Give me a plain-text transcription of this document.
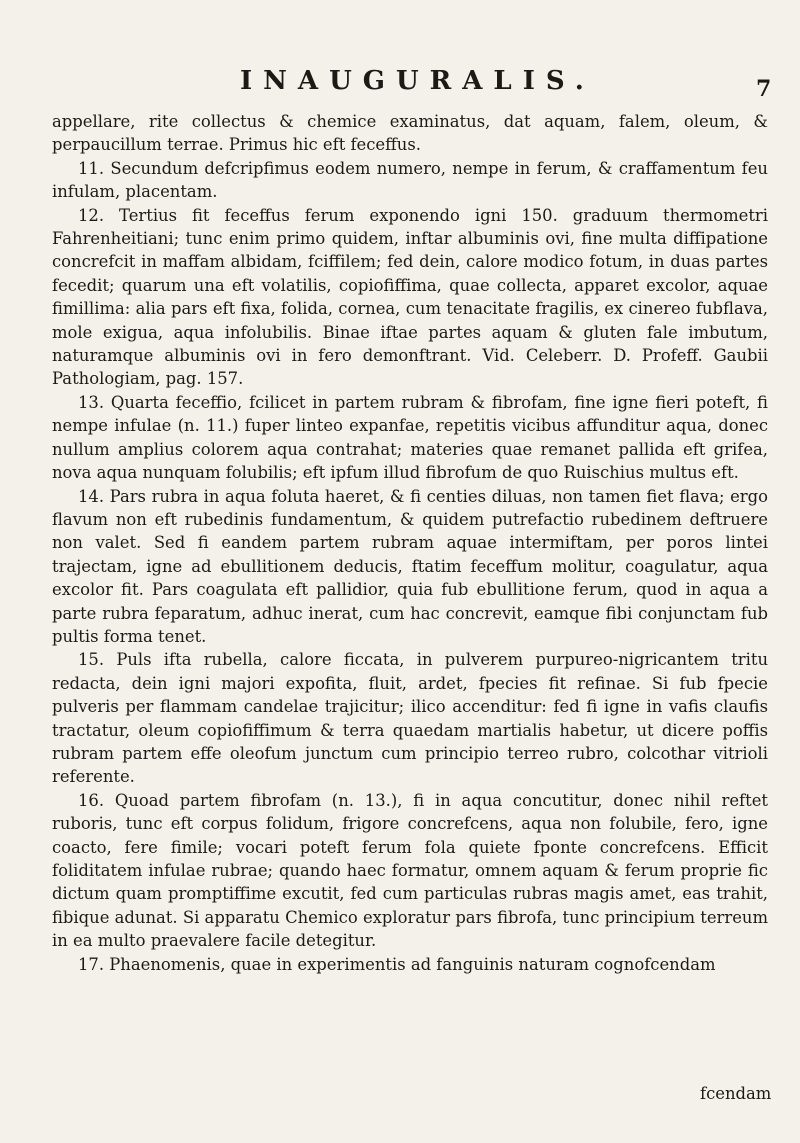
INAUGURALIS.	7

appellare, rite collectus & chemice examinatus, dat aquam, falem, oleum, & perpaucillum terrae. Primus hic eft feceffus.

11. Secundum defcripfimus eodem numero, nempe in ferum, & craffamentum feu infulam, placentam.

12. Tertius fit feceffus ferum exponendo igni 150. graduum thermometri Fahrenheitiani; tunc enim primo quidem, inftar albuminis ovi, fine multa diffipatione concrefcit in maffam albidam, fciffilem; fed dein, calore modico fotum, in duas partes fecedit; quarum una eft volatilis, copiofiffima, quae collecta, apparet excolor, aquae fimillima: alia pars eft fixa, folida, cornea, cum tenacitate fragilis, ex cinereo fubflava, mole exigua, aqua infolubilis. Binae iftae partes aquam & gluten fale imbutum, naturamque albuminis ovi in fero demonftrant. Vid. Celeberr. D. Profeff. Gaubii Pathologiam, pag. 157.

13. Quarta feceffio, fcilicet in partem rubram & fibrofam, fine igne fieri poteft, fi nempe infulae (n. 11.) fuper linteo expanfae, repetitis vicibus affunditur aqua, donec nullum amplius colorem aqua contrahat; materies quae remanet pallida eft grifea, nova aqua nunquam folubilis; eft ipfum illud fibrofum de quo Ruischius multus eft.

14. Pars rubra in aqua foluta haeret, & fi centies diluas, non tamen fiet flava; ergo flavum non eft rubedinis fundamentum, & quidem putrefactio rubedinem deftruere non valet. Sed fi eandem partem rubram aquae intermiftam, per poros lintei trajectam, igne ad ebullitionem deducis, ftatim feceffum molitur, coagulatur, aqua excolor fit. Pars coagulata eft pallidior, quia fub ebullitione ferum, quod in aqua a parte rubra feparatum, adhuc inerat, cum hac concrevit, eamque fibi conjunctam fub pultis forma tenet.

15. Puls ifta rubella, calore ficcata, in pulverem purpureo-nigricantem tritu redacta, dein igni majori expofita, fluit, ardet, fpecies fit refinae. Si fub fpecie pulveris per flammam candelae trajicitur; ilico accenditur: fed fi igne in vafis claufis tractatur, oleum copiofiffimum & terra quaedam martialis habetur, ut dicere poffis rubram partem effe oleofum junctum cum principio terreo rubro, colcothar vitrioli referente.

16. Quoad partem fibrofam (n. 13.), fi in aqua concutitur, donec nihil reftet ruboris, tunc eft corpus folidum, frigore concrefcens, aqua non folubile, fero, igne coacto, fere fimile; vocari poteft ferum fola quiete fponte concrefcens. Efficit foliditatem infulae rubrae; quando haec formatur, omnem aquam & ferum proprie fic dictum quam promptiffime excutit, fed cum particulas rubras magis amet, eas trahit, fibique adunat. Si apparatu Chemico exploratur pars fibrofa, tunc principium terreum in ea multo praevalere facile detegitur.

17. Phaenomenis, quae in experimentis ad fanguinis naturam cognofcendam

fcendam
